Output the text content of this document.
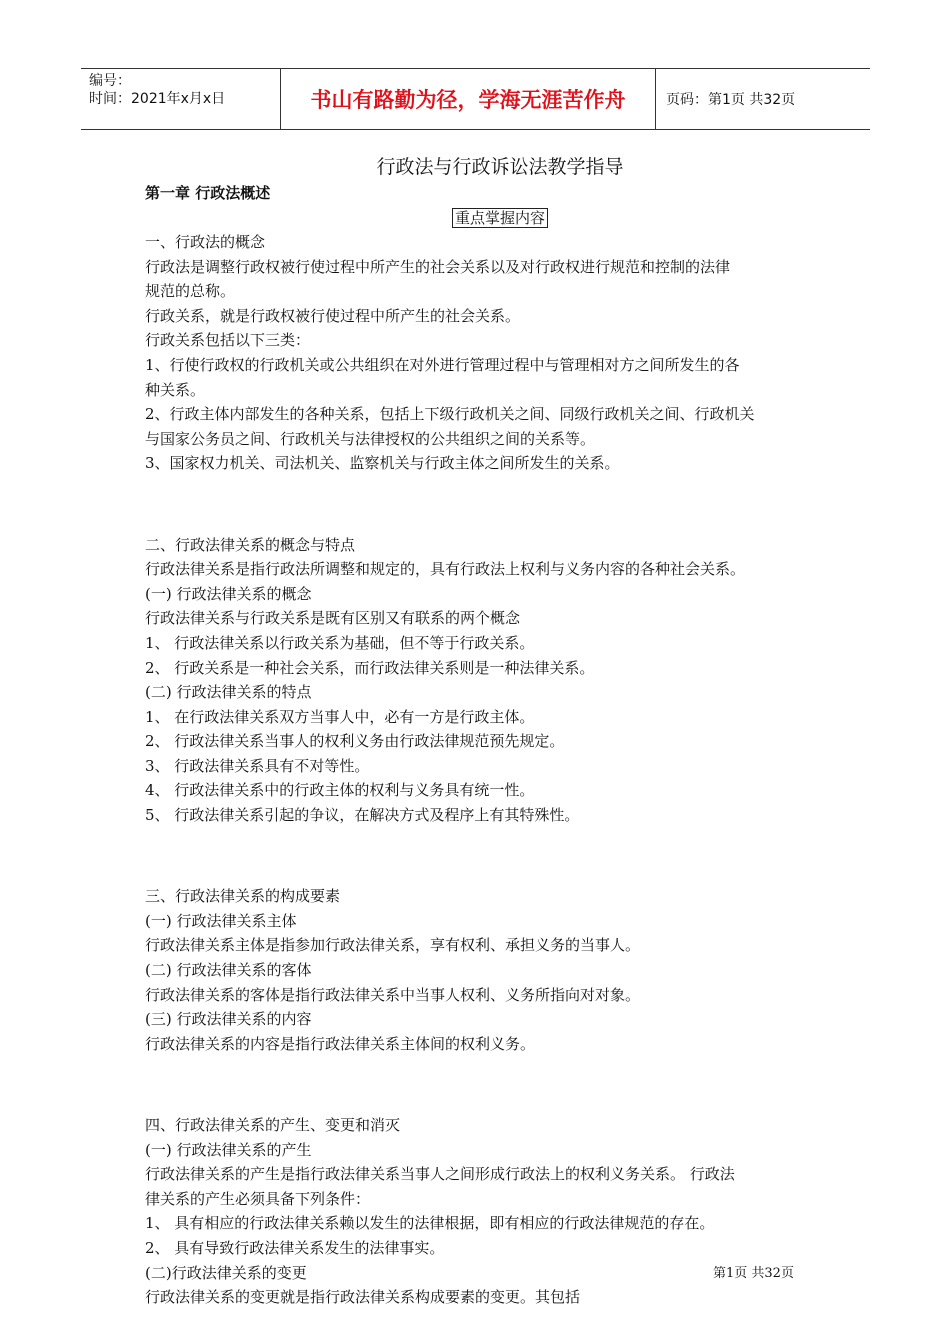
编号：
时间：2021年x月x日	书山有路勤为径，学海无涯苦作舟	页码：第1页 共32页
行政法与行政诉讼法教学指导
第一章 行政法概述
重点掌握内容

一、行政法的概念

行政法是调整行政权被行使过程中所产生的社会关系以及对行政权进行规范和控制的法律

规范的总称。

行政关系，就是行政权被行使过程中所产生的社会关系。

行政关系包括以下三类：

1、行使行政权的行政机关或公共组织在对外进行管理过程中与管理相对方之间所发生的各

种关系。

2、行政主体内部发生的各种关系，包括上下级行政机关之间、同级行政机关之间、行政机关

与国家公务员之间、行政机关与法律授权的公共组织之间的关系等。

3、国家权力机关、司法机关、监察机关与行政主体之间所发生的关系。

二、行政法律关系的概念与特点

行政法律关系是指行政法所调整和规定的，具有行政法上权利与义务内容的各种社会关系。

(一) 行政法律关系的概念

行政法律关系与行政关系是既有区别又有联系的两个概念

1、 行政法律关系以行政关系为基础，但不等于行政关系。

2、 行政关系是一种社会关系，而行政法律关系则是一种法律关系。

(二) 行政法律关系的特点

1、 在行政法律关系双方当事人中，必有一方是行政主体。

2、 行政法律关系当事人的权利义务由行政法律规范预先规定。

3、 行政法律关系具有不对等性。

4、 行政法律关系中的行政主体的权利与义务具有统一性。

5、 行政法律关系引起的争议，在解决方式及程序上有其特殊性。

三、行政法律关系的构成要素

(一) 行政法律关系主体

行政法律关系主体是指参加行政法律关系，享有权利、承担义务的当事人。

(二) 行政法律关系的客体

行政法律关系的客体是指行政法律关系中当事人权利、义务所指向对对象。

(三) 行政法律关系的内容

行政法律关系的内容是指行政法律关系主体间的权利义务。

四、行政法律关系的产生、变更和消灭

(一) 行政法律关系的产生

行政法律关系的产生是指行政法律关系当事人之间形成行政法上的权利义务关系。 行政法

律关系的产生必须具备下列条件：

1、 具有相应的行政法律关系赖以发生的法律根据，即有相应的行政法律规范的存在。

2、 具有导致行政法律关系发生的法律事实。

(二)行政法律关系的变更

行政法律关系的变更就是指行政法律关系构成要素的变更。其包括

第1页 共32页
